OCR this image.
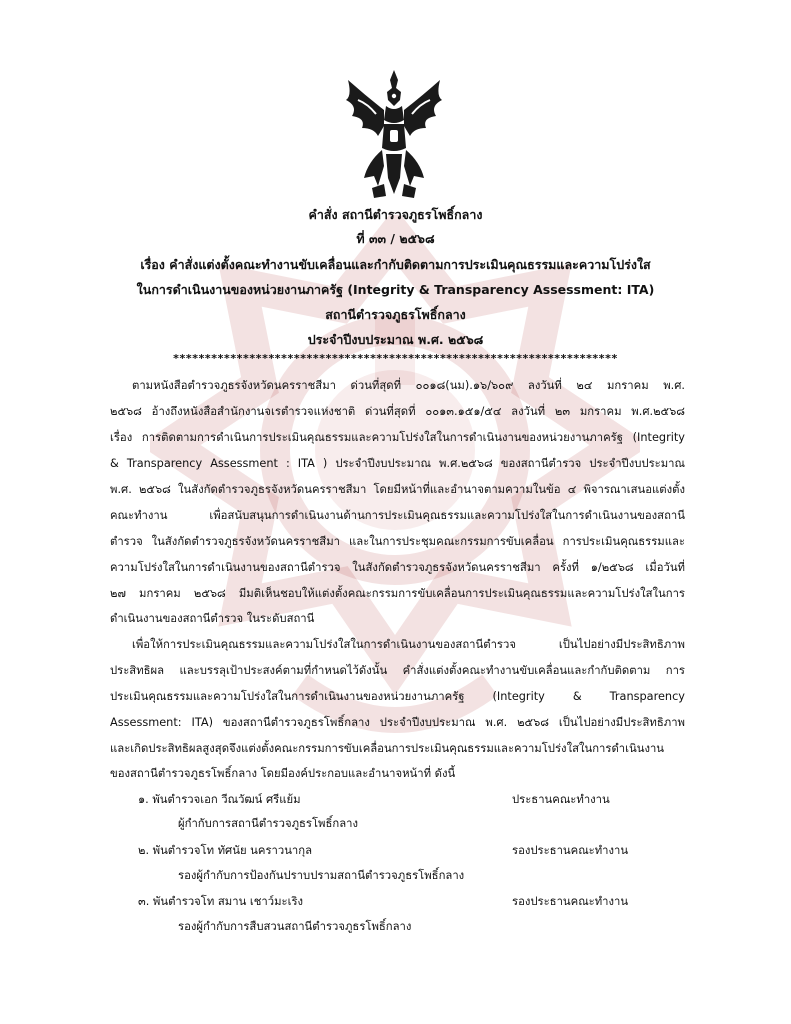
คำสั่ง สถานีตำรวจภูธรโพธิ์กลาง
ที่ ๓๓ / ๒๕๖๘
เรื่อง คำสั่งแต่งตั้งคณะทำงานขับเคลื่อนและกำกับติดตามการประเมินคุณธรรมและความโปร่งใส
ในการดำเนินงานของหน่วยงานภาครัฐ (Integrity & Transparency Assessment: ITA)
สถานีตำรวจภูธรโพธิ์กลาง
ประจำปีงบประมาณ พ.ศ. ๒๕๖๘
**********************************************************************
ตามหนังสือตำรวจภูธรจังหวัดนครราชสีมา ด่วนที่สุดที่ ๐๐๑๘(นม).๑๖/๖๐๙ ลงวันที่ ๒๔ มกราคม พ.ศ.
๒๕๖๘ อ้างถึงหนังสือสำนักงานจเรตำรวจแห่งชาติ ด่วนที่สุดที่ ๐๐๑๓.๑๕๑/๕๔ ลงวันที่ ๒๓ มกราคม พ.ศ.๒๕๖๘
เรื่อง การติดตามการดำเนินการประเมินคุณธรรมและความโปร่งใสในการดำเนินงานของหน่วยงานภาครัฐ (Integrity
& Transparency Assessment : ITA ) ประจำปีงบประมาณ พ.ศ.๒๕๖๘ ของสถานีตำรวจ ประจำปีงบประมาณ
พ.ศ. ๒๕๖๘ ในสังกัดตำรวจภูธรจังหวัดนครราชสีมา โดยมีหน้าที่และอำนาจตามความในข้อ ๔ พิจารณาเสนอแต่งตั้ง
คณะทำงาน เพื่อสนับสนุนการดำเนินงานด้านการประเมินคุณธรรมและความโปร่งใสในการดำเนินงานของสถานี
ตำรวจ ในสังกัดตำรวจภูธรจังหวัดนครราชสีมา และในการประชุมคณะกรรมการขับเคลื่อน การประเมินคุณธรรมและ
ความโปร่งใสในการดำเนินงานของสถานีตำรวจ ในสังกัดตำรวจภูธรจังหวัดนครราชสีมา ครั้งที่ ๑/๒๕๖๘ เมื่อวันที่
๒๗ มกราคม ๒๕๖๘ มีมติเห็นชอบให้แต่งตั้งคณะกรรมการขับเคลื่อนการประเมินคุณธรรมและความโปร่งใสในการ
ดำเนินงานของสถานีตำรวจ ในระดับสถานี
เพื่อให้การประเมินคุณธรรมและความโปร่งใสในการดำเนินงานของสถานีตำรวจ เป็นไปอย่างมีประสิทธิภาพ
ประสิทธิผล และบรรลุเป้าประสงค์ตามที่กำหนดไว้ดังนั้น คำสั่งแต่งตั้งคณะทำงานขับเคลื่อนและกำกับติดตาม การ
ประเมินคุณธรรมและความโปร่งใสในการดำเนินงานของหน่วยงานภาครัฐ (Integrity & Transparency
Assessment: ITA) ของสถานีตำรวจภูธรโพธิ์กลาง ประจำปีงบประมาณ พ.ศ. ๒๕๖๘ เป็นไปอย่างมีประสิทธิภาพ
และเกิดประสิทธิผลสูงสุดจึงแต่งตั้งคณะกรรมการขับเคลื่อนการประเมินคุณธรรมและความโปร่งใสในการดำเนินงาน
ของสถานีตำรวจภูธรโพธิ์กลาง โดยมีองค์ประกอบและอำนาจหน้าที่ ดังนี้
๑. พันตำรวจเอก วีณวัฒน์ ศรีแย้ม	ประธานคณะทำงาน
ผู้กำกับการสถานีตำรวจภูธรโพธิ์กลาง
๒. พันตำรวจโท ทัศนัย นคราวนากุล	รองประธานคณะทำงาน
รองผู้กำกับการป้องกันปราบปรามสถานีตำรวจภูธรโพธิ์กลาง
๓. พันตำรวจโท สมาน เชาว์มะเริง	รองประธานคณะทำงาน
รองผู้กำกับการสืบสวนสถานีตำรวจภูธรโพธิ์กลาง
